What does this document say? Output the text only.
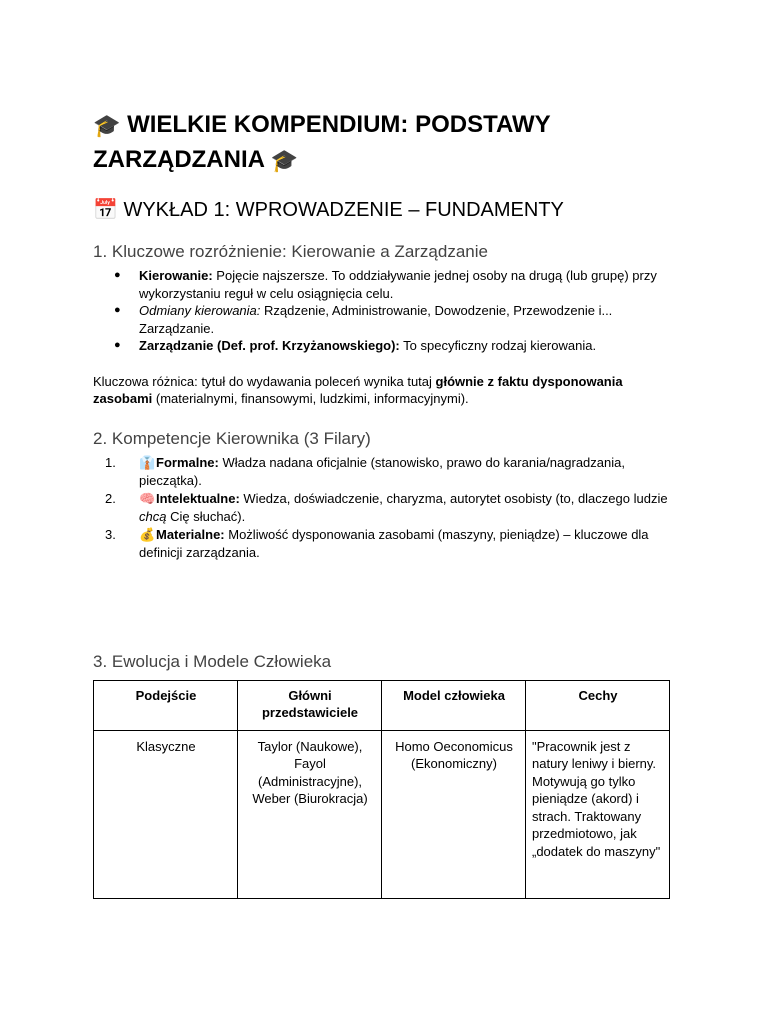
🎓 WIELKIE KOMPENDIUM: PODSTAWY ZARZĄDZANIA 🎓
📅 WYKŁAD 1: WPROWADZENIE – FUNDAMENTY
1. Kluczowe rozróżnienie: Kierowanie a Zarządzanie
● Kierowanie: Pojęcie najszersze. To oddziaływanie jednej osoby na drugą (lub grupę) przy wykorzystaniu reguł w celu osiągnięcia celu.
● Odmiany kierowania: Rządzenie, Administrowanie, Dowodzenie, Przewodzenie i... Zarządzanie.
● Zarządzanie (Def. prof. Krzyżanowskiego): To specyficzny rodzaj kierowania.
Kluczowa różnica: tytuł do wydawania poleceń wynika tutaj głównie z faktu dysponowania zasobami (materialnymi, finansowymi, ludzkimi, informacyjnymi).
2. Kompetencje Kierownika (3 Filary)
1. 👔Formalne: Władza nadana oficjalnie (stanowisko, prawo do karania/nagradzania, pieczątka).
2. 🧠Intelektualne: Wiedza, doświadczenie, charyzma, autorytet osobisty (to, dlaczego ludzie chcą Cię słuchać).
3. 💰Materialne: Możliwość dysponowania zasobami (maszyny, pieniądze) – kluczowe dla definicji zarządzania.
3. Ewolucja i Modele Człowieka
Podejście	Główni przedstawiciele	Model człowieka	Cechy
Klasyczne	Taylor (Naukowe), Fayol (Administracyjne), Weber (Biurokracja)	Homo Oeconomicus (Ekonomiczny)	"Pracownik jest z natury leniwy i bierny. Motywują go tylko pieniądze (akord) i strach. Traktowany przedmiotowo, jak „dodatek do maszyny"
